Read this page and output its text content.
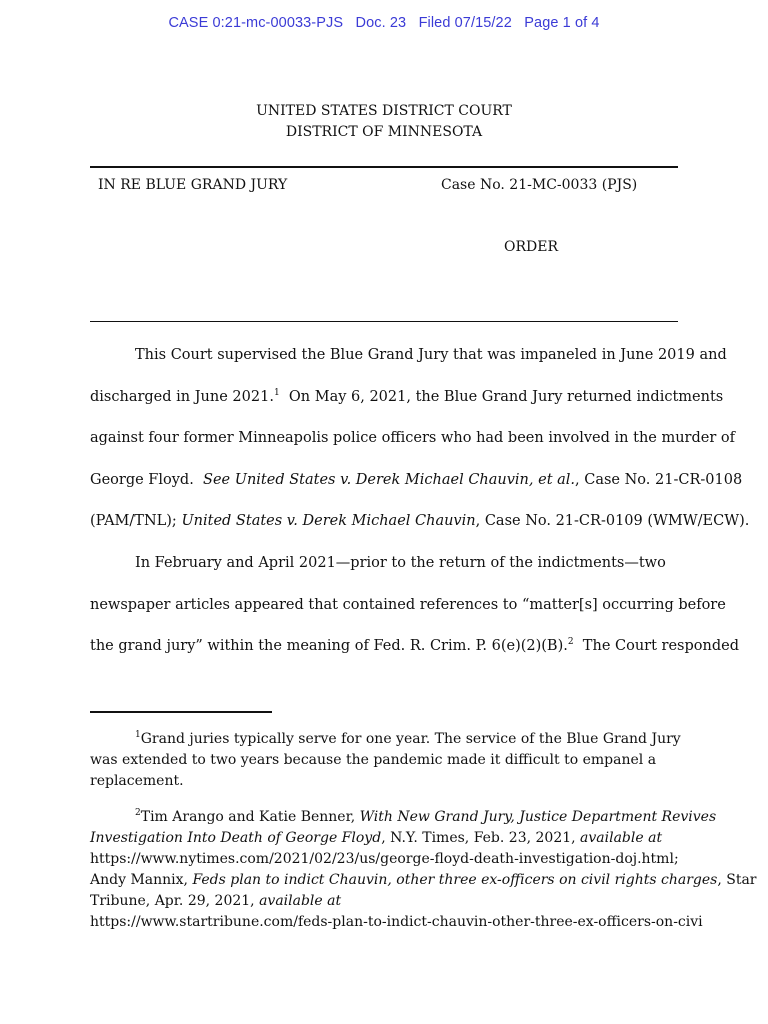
CASE 0:21-mc-00033-PJS   Doc. 23   Filed 07/15/22   Page 1 of 4
UNITED STATES DISTRICT COURT
DISTRICT OF MINNESOTA
IN RE BLUE GRAND JURY	Case No. 21-MC-0033 (PJS)
ORDER
This Court supervised the Blue Grand Jury that was impaneled in June 2019 and
discharged in June 2021.$^1$  On May 6, 2021, the Blue Grand Jury returned indictments
against four former Minneapolis police officers who had been involved in the murder of
George Floyd.  See United States v. Derek Michael Chauvin, et al., Case No. 21-CR-0108
(PAM/TNL); United States v. Derek Michael Chauvin, Case No. 21-CR-0109 (WMW/ECW).
In February and April 2021—prior to the return of the indictments—two
newspaper articles appeared that contained references to “matter[s] occurring before
the grand jury” within the meaning of Fed. R. Crim. P. 6(e)(2)(B).$^2$  The Court responded
$^1$Grand juries typically serve for one year. The service of the Blue Grand Jury
was extended to two years because the pandemic made it difficult to empanel a
replacement.
$^2$Tim Arango and Katie Benner, With New Grand Jury, Justice Department Revives
Investigation Into Death of George Floyd, N.Y. Times, Feb. 23, 2021, available at
https://www.nytimes.com/2021/02/23/us/george-floyd-death-investigation-doj.html;
Andy Mannix, Feds plan to indict Chauvin, other three ex-officers on civil rights charges, Star
Tribune, Apr. 29, 2021, available at
https://www.startribune.com/feds-plan-to-indict-chauvin-other-three-ex-officers-on-civi
